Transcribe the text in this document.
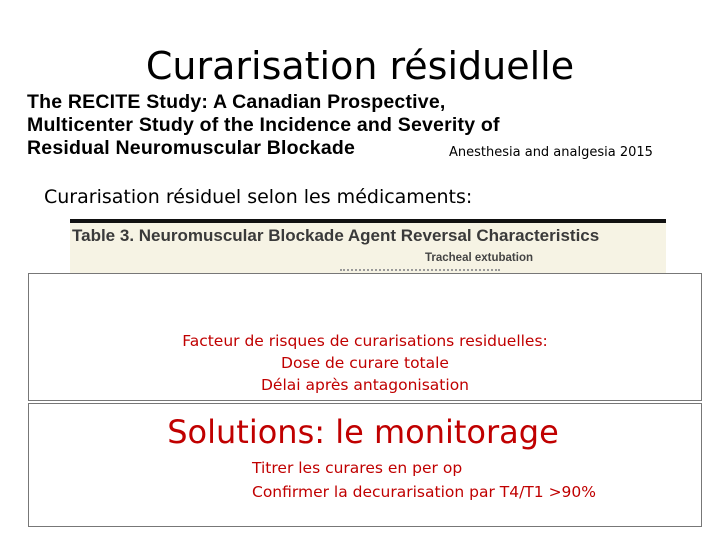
Curarisation résiduelle
The RECITE Study: A Canadian Prospective,
Multicenter Study of the Incidence and Severity of
Residual Neuromuscular Blockade	Anesthesia and analgesia 2015
Curarisation résiduel selon les médicaments:
Table 3. Neuromuscular Blockade Agent Reversal Characteristics
Tracheal extubation
Facteur de risques de curarisations residuelles:
Dose de curare totale
Délai après antagonisation
Solutions: le monitorage
Titrer les curares en per op
Confirmer la decurarisation par T4/T1 >90%
